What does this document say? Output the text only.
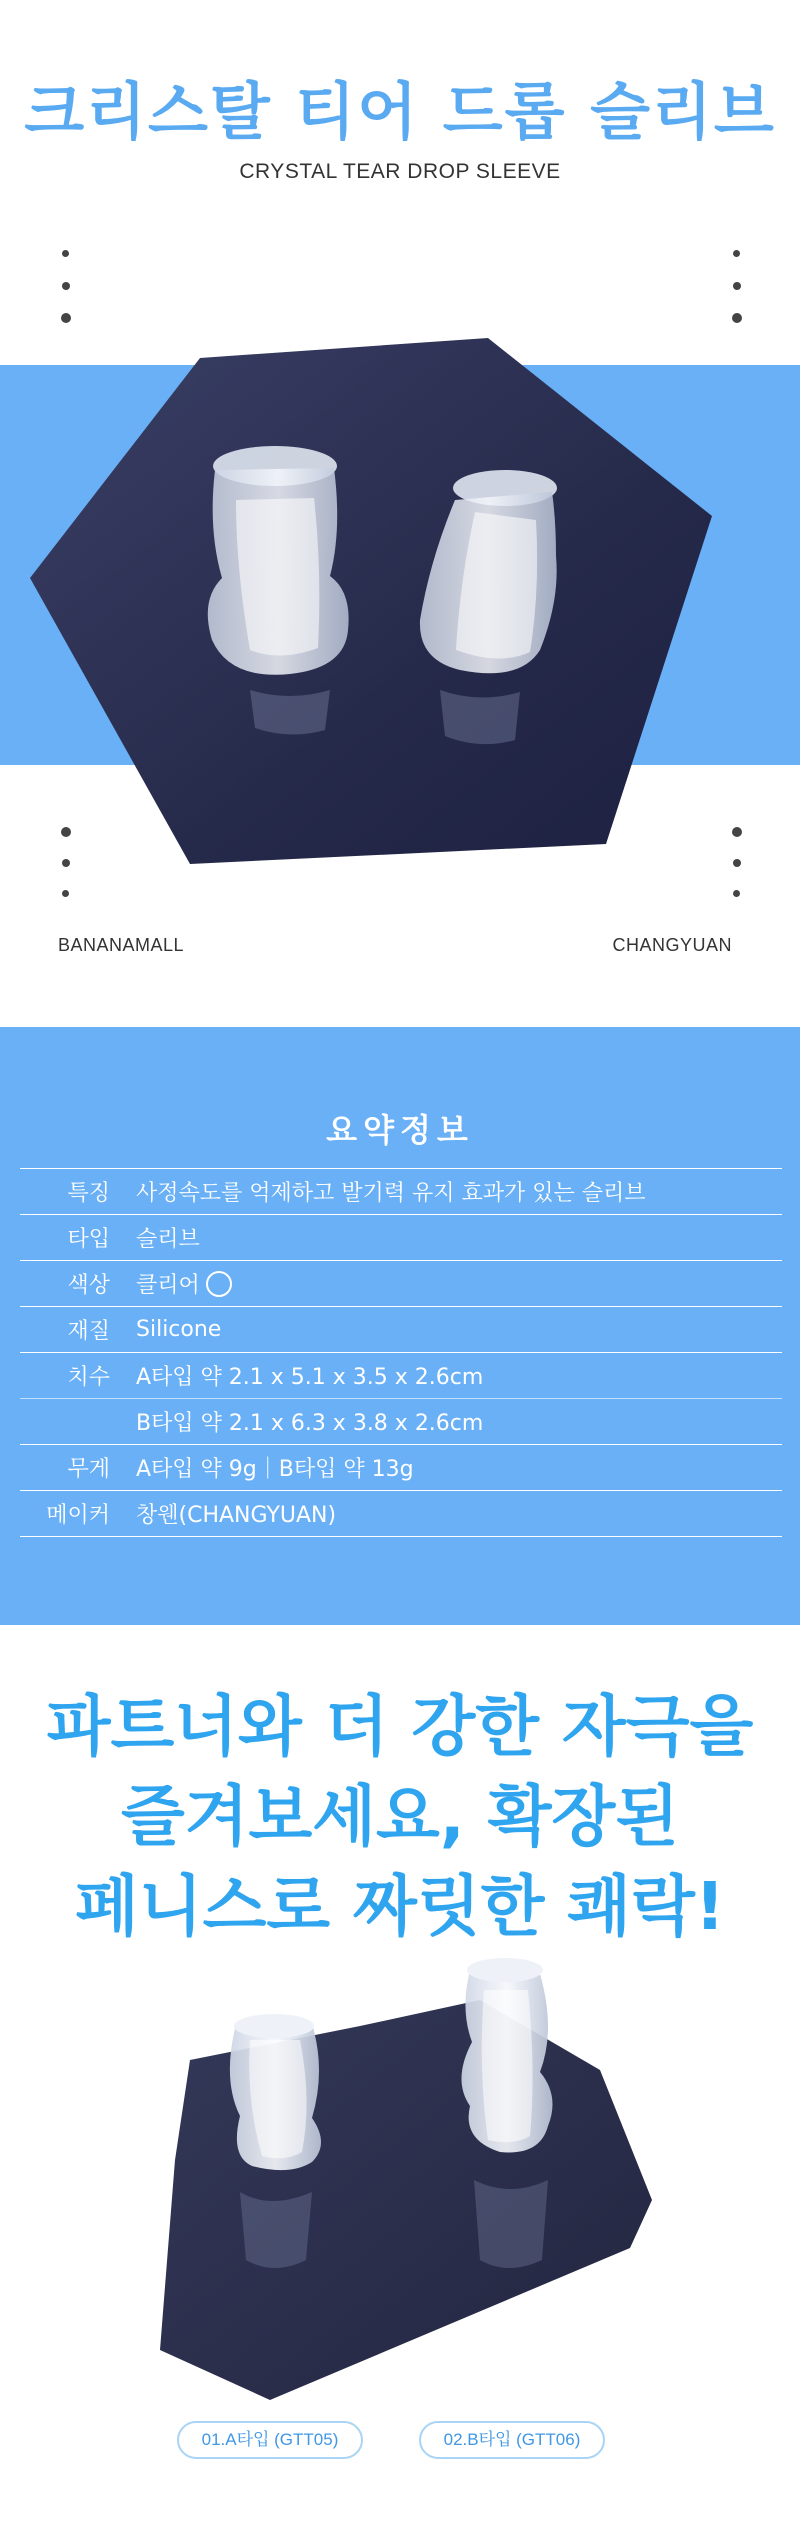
크리스탈 티어 드롭 슬리브
CRYSTAL TEAR DROP SLEEVE
BANANAMALL	CHANGYUAN
요약정보
특징	사정속도를 억제하고 발기력 유지 효과가 있는 슬리브
타입	슬리브
색상	클리어
재질	Silicone
치수	A타입 약 2.1 x 5.1 x 3.5 x 2.6cm
B타입 약 2.1 x 6.3 x 3.8 x 2.6cm
무게	A타입 약 9g｜B타입 약 13g
메이커	창웬(CHANGYUAN)
파트너와 더 강한 자극을
즐겨보세요, 확장된
페니스로 짜릿한 쾌락!
01.A타입 (GTT05)	02.B타입 (GTT06)
